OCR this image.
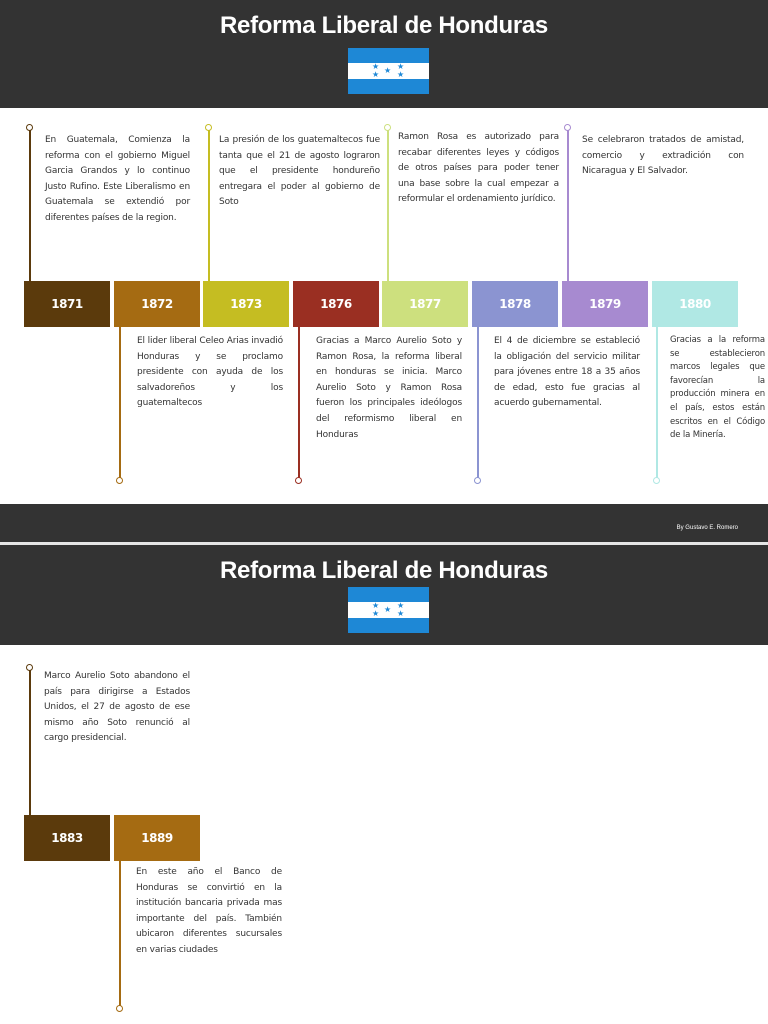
Reforma Liberal de Honduras
★ ★
★
★ ★
1871	1872	1873	1876	1877	1878	1879	1880
En Guatemala, Comienza la reforma con el gobierno Miguel Garcia Grandos y lo continuo Justo Rufino. Este Liberalismo en Guatemala se extendió por diferentes países de la region.
La presión de los guatemaltecos fue tanta que el 21 de agosto lograron que el presidente hondureño entregara el poder al gobierno de Soto
Ramon Rosa es autorizado para recabar diferentes leyes y códigos de otros países para poder tener una base sobre la cual empezar a reformular el ordenamiento jurídico.
Se celebraron tratados de amistad, comercio y extradición con Nicaragua y El Salvador.
El lider liberal Celeo Arias invadió Honduras y se proclamo presidente con ayuda de los salvadoreños y los guatemaltecos
Gracias a Marco Aurelio Soto y Ramon Rosa, la reforma liberal en honduras se inicia. Marco Aurelio Soto y Ramon Rosa fueron los principales ideólogos del reformismo liberal en Honduras
El 4 de diciembre se estableció la obligación del servicio militar para jóvenes entre 18 a 35 años de edad, esto fue gracias al acuerdo gubernamental.
Gracias a la reforma se establecieron marcos legales que favorecían la producción minera en el país, estos están escritos en el Código de la Minería.
By Gustavo E. Romero
Reforma Liberal de Honduras
★ ★
★
★ ★
1883	1889
Marco Aurelio Soto abandono el país para dirigirse a Estados Unidos, el 27 de agosto de ese mismo año Soto renunció al cargo presidencial.
En este año el Banco de Honduras se convirtió en la institución bancaria privada mas importante del país. También ubicaron diferentes sucursales en varias ciudades
